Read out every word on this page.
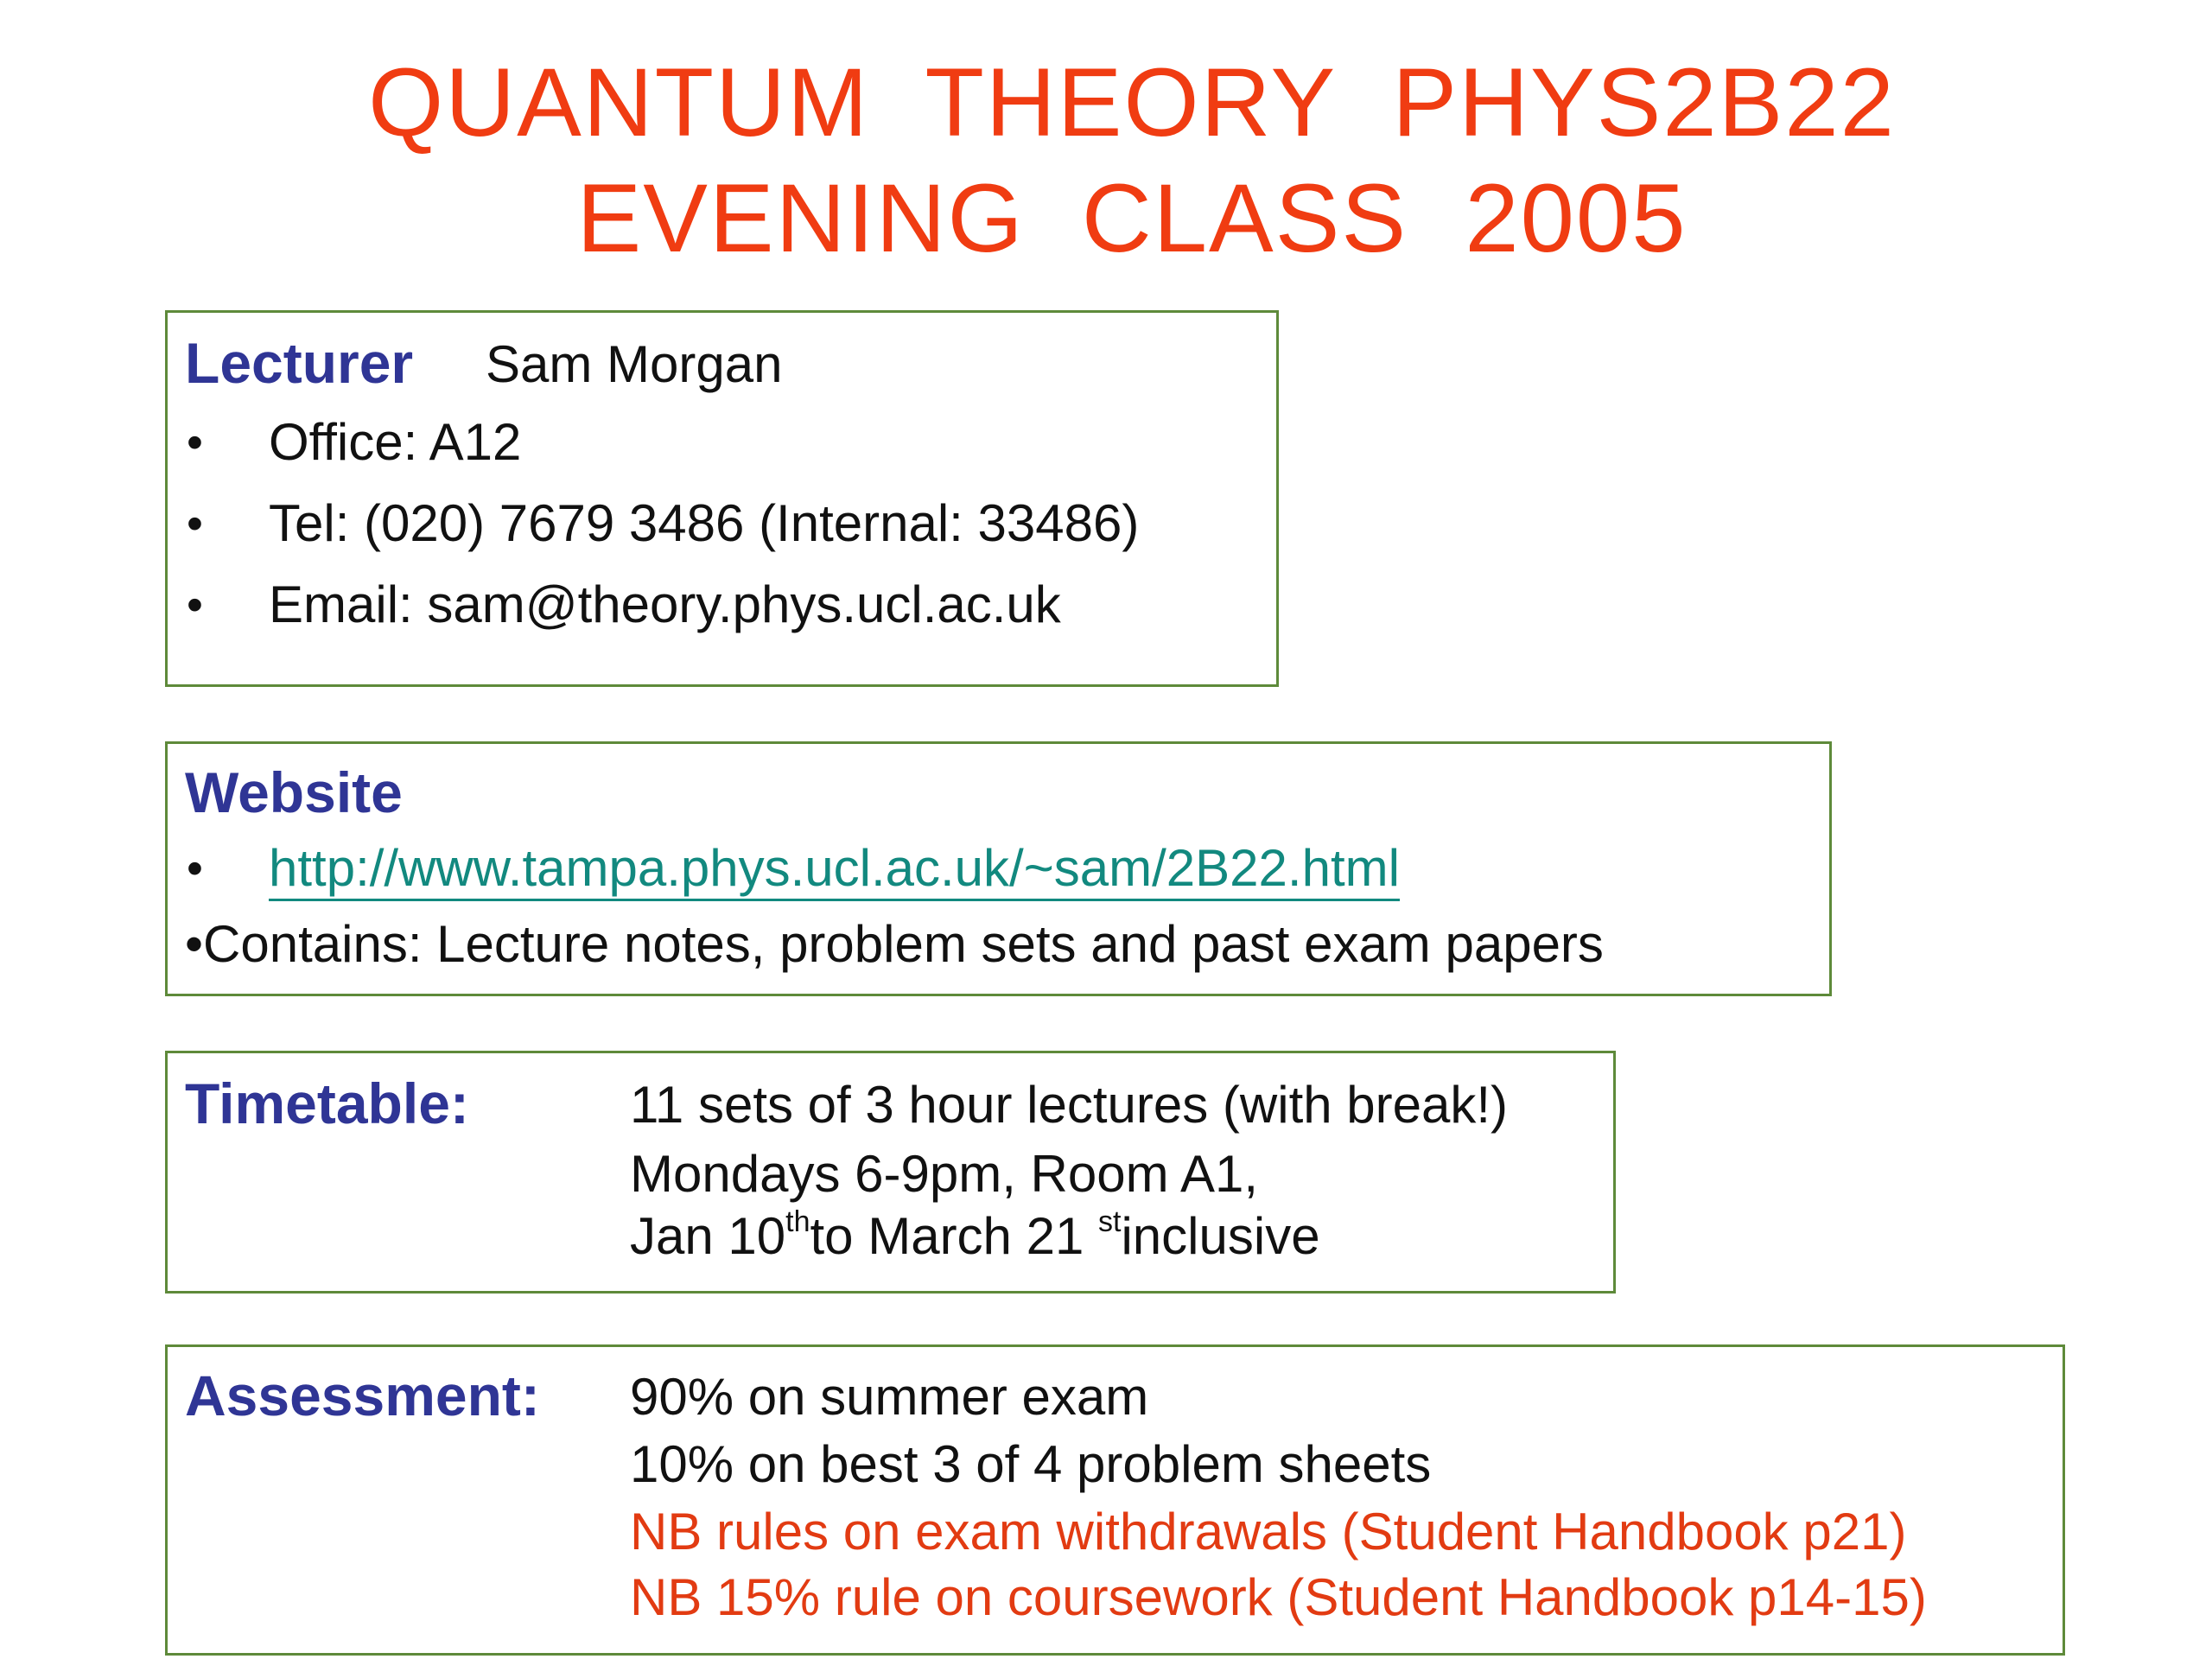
QUANTUM  THEORY  PHYS2B22
EVENING  CLASS  2005
Lecturer Sam Morgan
• Office: A12
• Tel: (020) 7679 3486 (Internal: 33486)
• Email: sam@theory.phys.ucl.ac.uk
Website
• http://www.tampa.phys.ucl.ac.uk/~sam/2B22.html
•Contains: Lecture notes, problem sets and past exam papers
Timetable:	11 sets of 3 hour lectures (with break!)
Mondays 6-9pm, Room A1,
Jan 10thto March 21 $^{st}$inclusive
Assessment: 90% on summer exam
10% on best 3 of 4 problem sheets
NB rules on exam withdrawals (Student Handbook p21)
NB 15% rule on coursework (Student Handbook p14-15)
